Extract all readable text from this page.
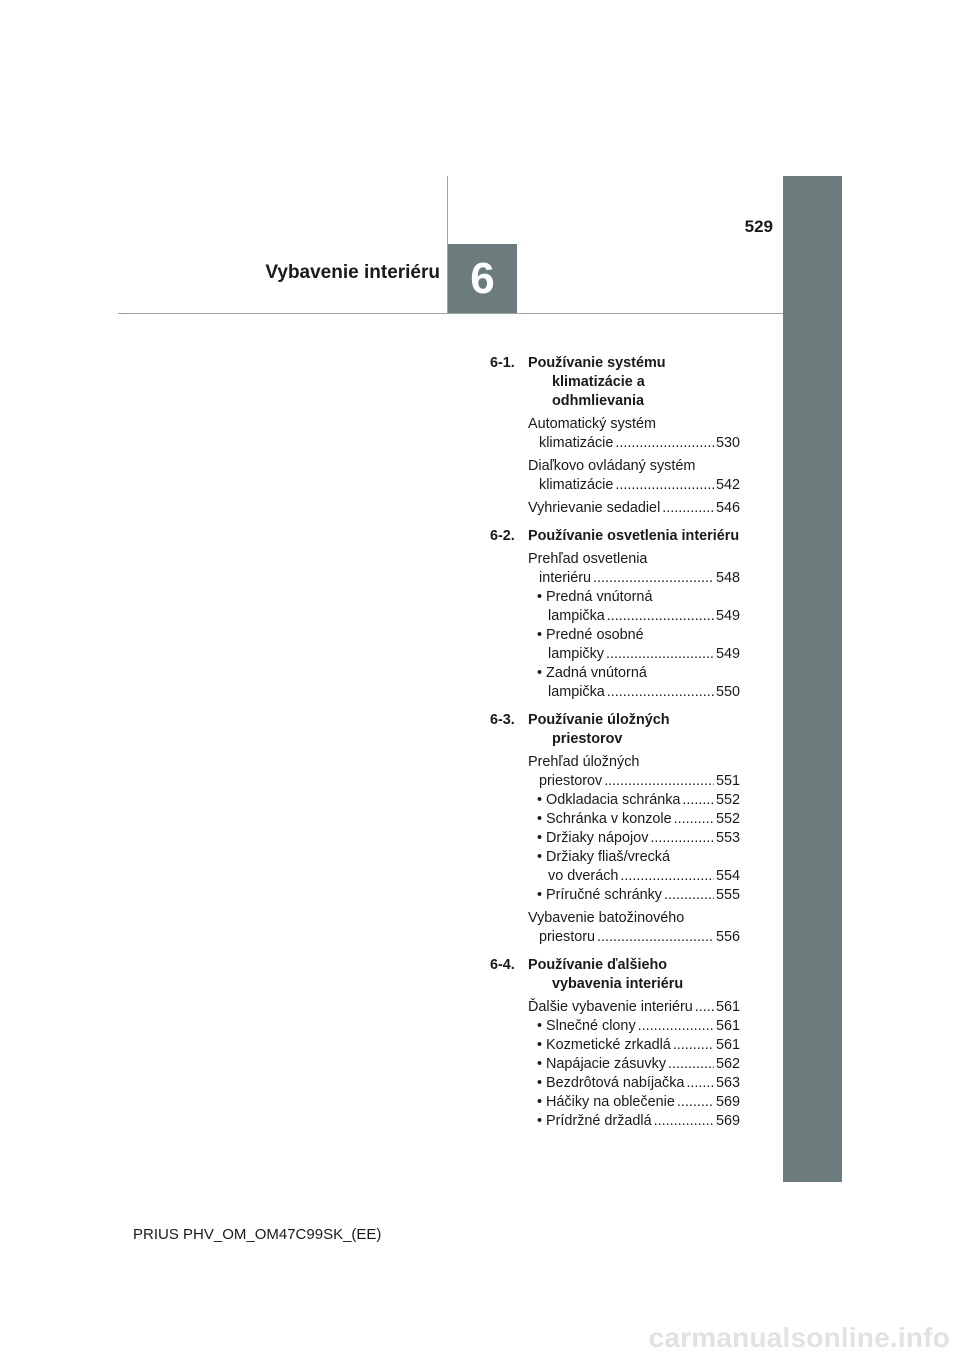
529
Vybavenie interiéru 6
6-1. Používanie systému klimatizácie a odhmlievania
Automatický systém
klimatizácie .....	530
Diaľkovo ovládaný systém
klimatizácie .....	542
Vyhrievanie sedadiel .....	546
6-2. Používanie osvetlenia interiéru
Prehľad osvetlenia
interiéru .....	548
• Predná vnútorná
lampička .....	549
• Predné osobné
lampičky .....	549
• Zadná vnútorná
lampička .....	550
6-3. Používanie úložných priestorov
Prehľad úložných
priestorov .....	551
• Odkladacia schránka ..... 552
• Schránka v konzole .....	552
• Držiaky nápojov .....	553
• Držiaky fliaš/vrecká
vo dverách .....	554
• Príručné schránky .....	555
Vybavenie batožinového
priestoru .....	556
6-4. Používanie ďalšieho vybavenia interiéru
Ďalšie vybavenie interiéru ..... 561
• Slnečné clony .....	561
• Kozmetické zrkadlá .....	561
• Napájacie zásuvky .....	562
• Bezdrôtová nabíjačka ..... 563
• Háčiky na oblečenie .....	569
• Prídržné držadlá .....	569
PRIUS PHV_OM_OM47C99SK_(EE)
carmanualsonline.info
